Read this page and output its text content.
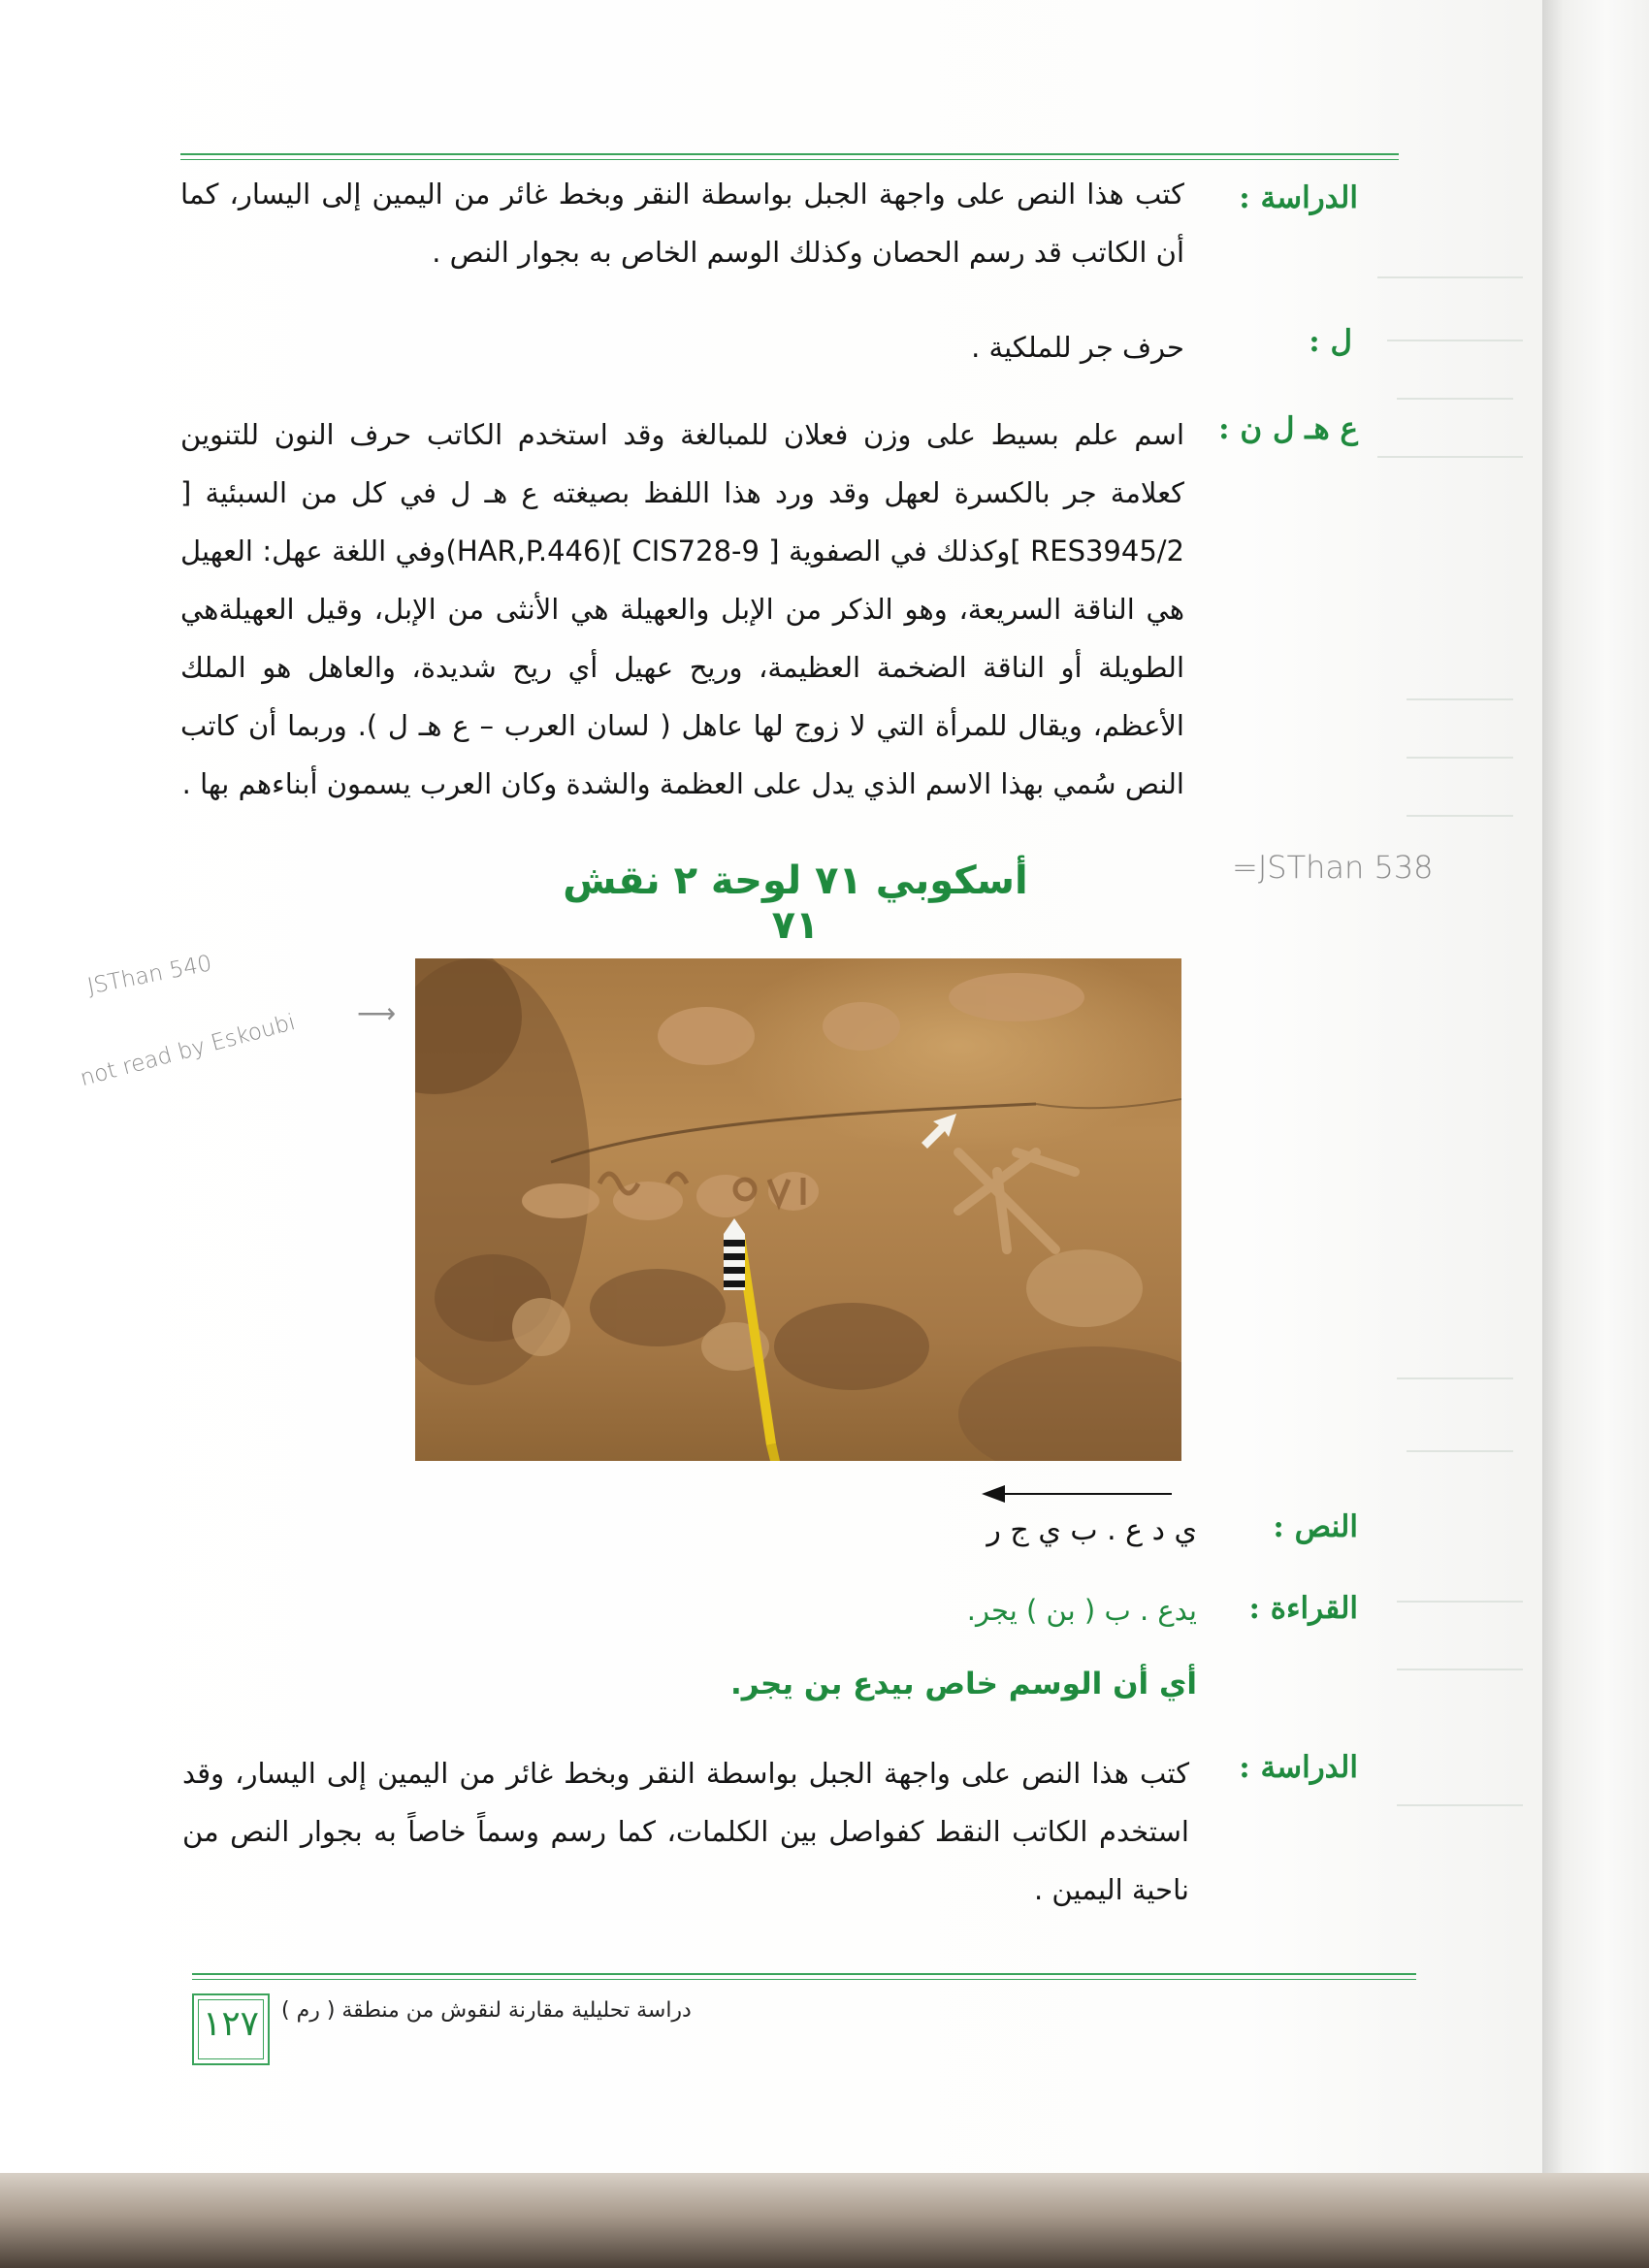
الدراسة :
كتب هذا النص على واجهة الجبل بواسطة النقر وبخط غائر من اليمين إلى اليسار، كما أن الكاتب قد رسم الحصان وكذلك الوسم الخاص به بجوار النص .
ل :
حرف جر للملكية .
ع هـ ل ن :
اسم علم بسيط على وزن فعلان للمبالغة وقد استخدم الكاتب حرف النون للتنوين كعلامة جر بالكسرة لعهل وقد ورد هذا اللفظ بصيغته ع هـ ل في كل من السبئية [ RES3945/2 ]وكذلك في الصفوية [ CIS728-9 ](HAR,P.446)وفي اللغة عهل: العهيل هي الناقة السريعة، وهو الذكر من الإبل والعهيلة هي الأنثى من الإبل، وقيل العهيلةهي الطويلة أو الناقة الضخمة العظيمة، وريح عهيل أي ريح شديدة، والعاهل هو الملك الأعظم، ويقال للمرأة التي لا زوج لها عاهل ( لسان العرب – ع هـ ل ). وربما أن كاتب النص سُمي بهذا الاسم الذي يدل على العظمة والشدة وكان العرب يسمون أبناءهم بها .
أسكوبي ٧١ لوحة ٢ نقش ٧١
=JSThan 538
JSThan 540
not read by Eskoubi ⟶
النص :
ي د ع . ب ي ج ر
القراءة :
يدع . ب ( بن ) يجر.
أي أن الوسم خاص بيدع بن يجر.
الدراسة :
كتب هذا النص على واجهة الجبل بواسطة النقر وبخط غائر من اليمين إلى اليسار، وقد استخدم الكاتب النقط كفواصل بين الكلمات، كما رسم وسماً خاصاً به بجوار النص من ناحية اليمين .
١٢٧	دراسة تحليلية مقارنة لنقوش من منطقة ( رم )
